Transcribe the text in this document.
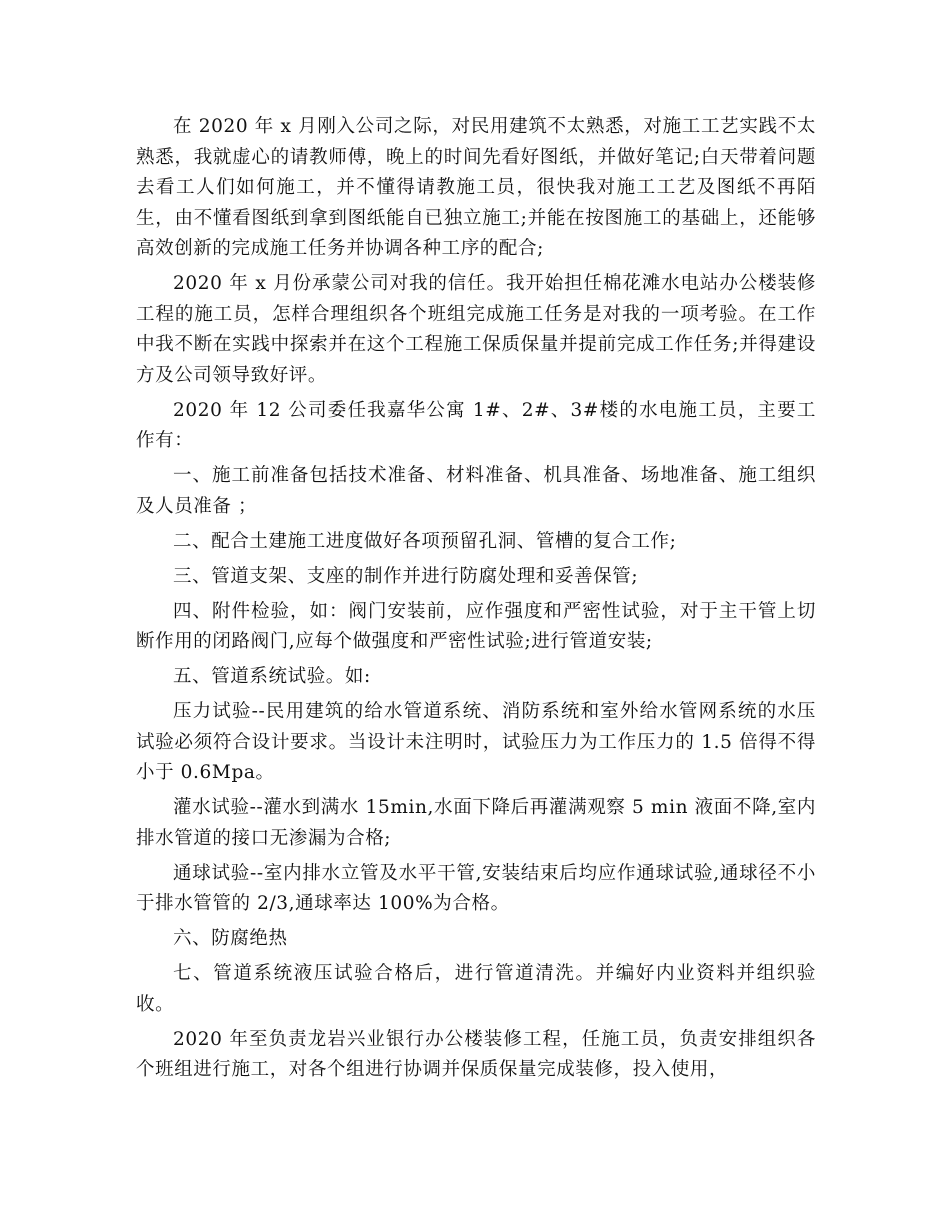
在 2020 年 x 月刚入公司之际，对民用建筑不太熟悉，对施工工艺实践不太熟悉，我就虚心的请教师傅，晚上的时间先看好图纸，并做好笔记;白天带着问题去看工人们如何施工，并不懂得请教施工员，很快我对施工工艺及图纸不再陌生，由不懂看图纸到拿到图纸能自已独立施工;并能在按图施工的基础上，还能够高效创新的完成施工任务并协调各种工序的配合;

2020 年 x 月份承蒙公司对我的信任。我开始担任棉花滩水电站办公楼装修工程的施工员，怎样合理组织各个班组完成施工任务是对我的一项考验。在工作中我不断在实践中探索并在这个工程施工保质保量并提前完成工作任务;并得建设方及公司领导致好评。

2020 年 12 公司委任我嘉华公寓 1#、2#、3#楼的水电施工员，主要工作有：

一、施工前准备包括技术准备、材料准备、机具准备、场地准备、施工组织及人员准备 ；

二、配合土建施工进度做好各项预留孔洞、管槽的复合工作;

三、管道支架、支座的制作并进行防腐处理和妥善保管;

四、附件检验，如：阀门安装前，应作强度和严密性试验，对于主干管上切断作用的闭路阀门,应每个做强度和严密性试验;进行管道安装;

五、管道系统试验。如:

压力试验--民用建筑的给水管道系统、消防系统和室外给水管网系统的水压试验必须符合设计要求。当设计未注明时，试验压力为工作压力的 1.5 倍得不得小于 0.6Mpa。

灌水试验--灌水到满水 15min,水面下降后再灌满观察 5 min 液面不降,室内排水管道的接口无渗漏为合格;

通球试验--室内排水立管及水平干管,安装结束后均应作通球试验,通球径不小于排水管管的 2/3,通球率达 100%为合格。

六、防腐绝热

七、管道系统液压试验合格后，进行管道清洗。并编好内业资料并组织验收。

2020 年至负责龙岩兴业银行办公楼装修工程，任施工员，负责安排组织各个班组进行施工，对各个组进行协调并保质保量完成装修，投入使用，
